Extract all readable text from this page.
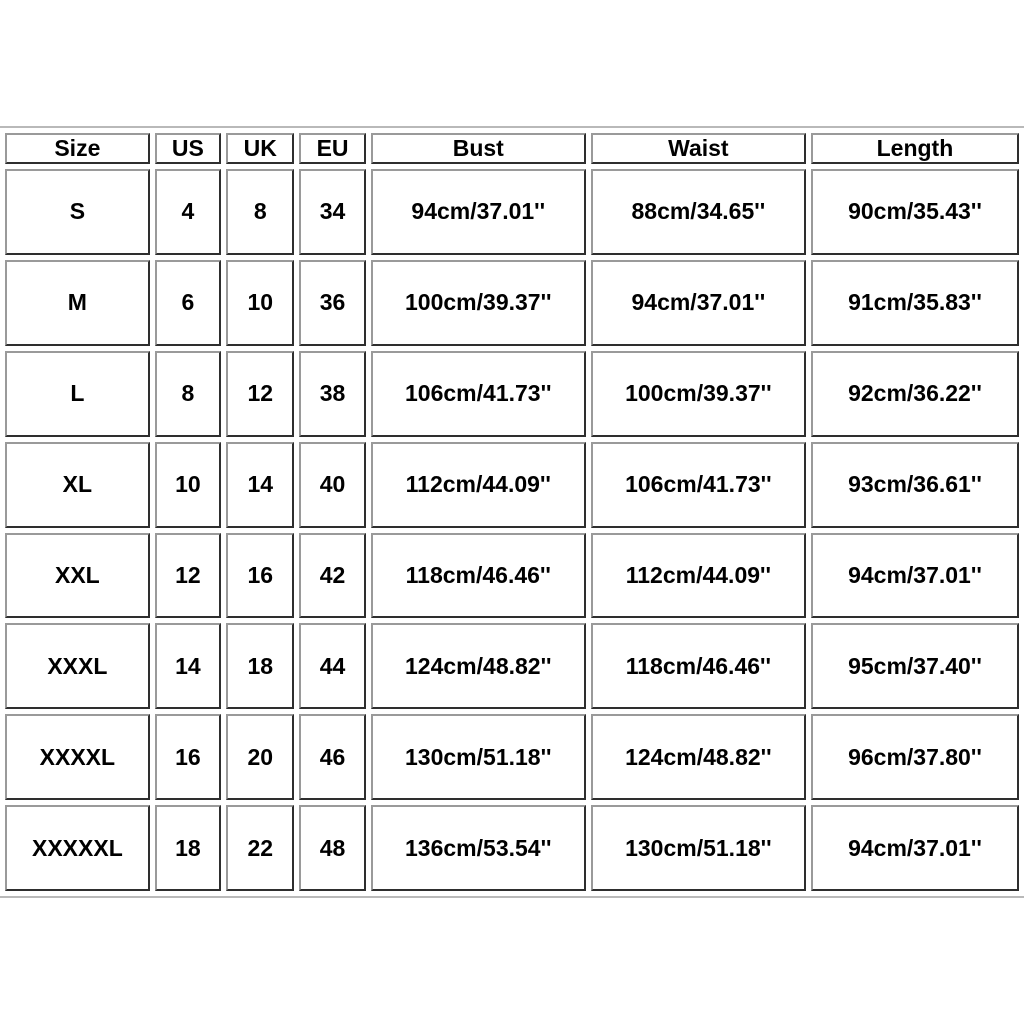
Size	US	UK	EU	Bust	Waist	Length
S	4	8	34	94cm/37.01''	88cm/34.65''	90cm/35.43''
M	6	10	36	100cm/39.37''	94cm/37.01''	91cm/35.83''
L	8	12	38	106cm/41.73''	100cm/39.37''	92cm/36.22''
XL	10	14	40	112cm/44.09''	106cm/41.73''	93cm/36.61''
XXL	12	16	42	118cm/46.46''	112cm/44.09''	94cm/37.01''
XXXL	14	18	44	124cm/48.82''	118cm/46.46''	95cm/37.40''
XXXXL	16	20	46	130cm/51.18''	124cm/48.82''	96cm/37.80''
XXXXXL	18	22	48	136cm/53.54''	130cm/51.18''	94cm/37.01''
